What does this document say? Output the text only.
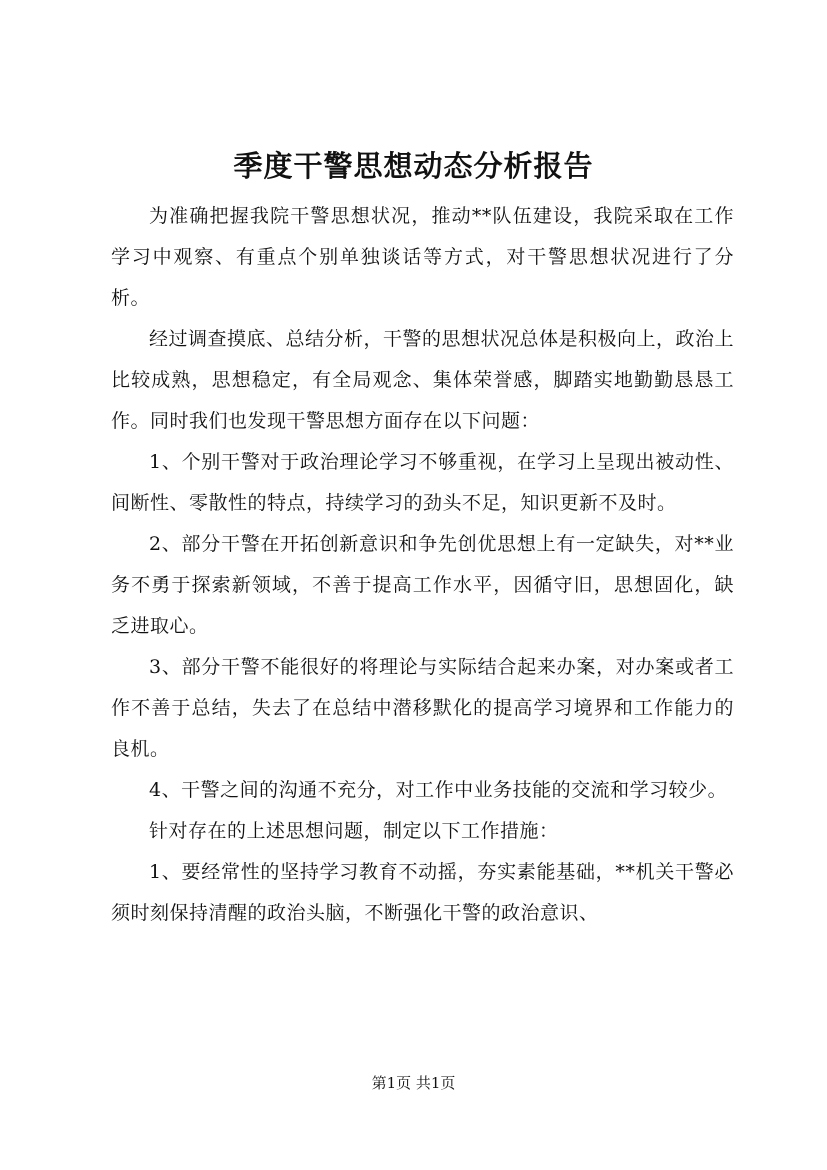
季度干警思想动态分析报告

为准确把握我院干警思想状况，推动**队伍建设，我院采取在工作学习中观察、有重点个别单独谈话等方式，对干警思想状况进行了分析。

经过调查摸底、总结分析，干警的思想状况总体是积极向上，政治上比较成熟，思想稳定，有全局观念、集体荣誉感，脚踏实地勤勤恳恳工作。同时我们也发现干警思想方面存在以下问题：

1、个别干警对于政治理论学习不够重视，在学习上呈现出被动性、间断性、零散性的特点，持续学习的劲头不足，知识更新不及时。

2、部分干警在开拓创新意识和争先创优思想上有一定缺失，对**业务不勇于探索新领域，不善于提高工作水平，因循守旧，思想固化，缺乏进取心。

3、部分干警不能很好的将理论与实际结合起来办案，对办案或者工作不善于总结，失去了在总结中潜移默化的提高学习境界和工作能力的良机。

4、干警之间的沟通不充分，对工作中业务技能的交流和学习较少。

针对存在的上述思想问题，制定以下工作措施：

1、要经常性的坚持学习教育不动摇，夯实素能基础，**机关干警必须时刻保持清醒的政治头脑，不断强化干警的政治意识、

第1页 共1页
